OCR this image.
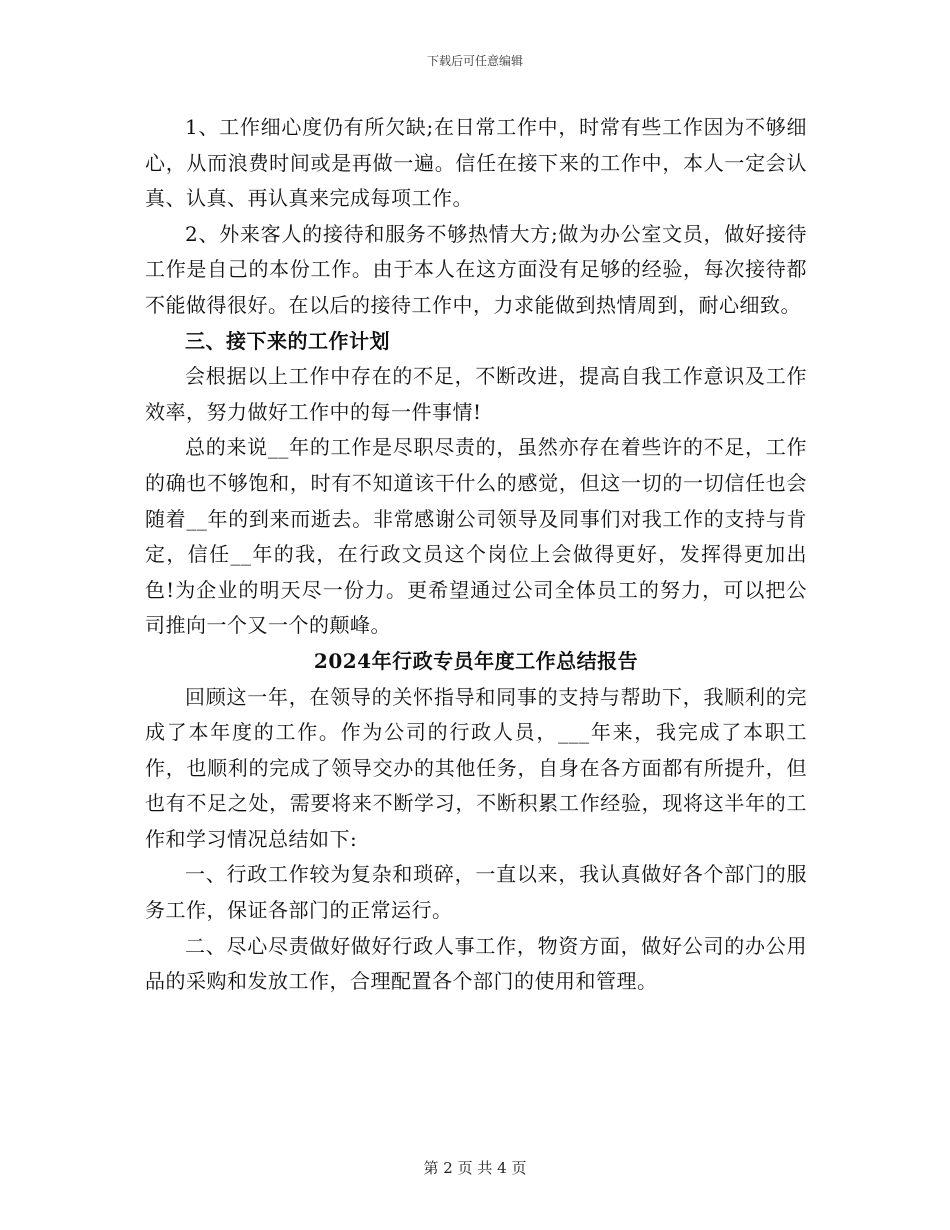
下载后可任意编辑

1、工作细心度仍有所欠缺;在日常工作中，时常有些工作因为不够细心，从而浪费时间或是再做一遍。信任在接下来的工作中，本人一定会认真、认真、再认真来完成每项工作。

2、外来客人的接待和服务不够热情大方;做为办公室文员，做好接待工作是自己的本份工作。由于本人在这方面没有足够的经验，每次接待都不能做得很好。在以后的接待工作中，力求能做到热情周到，耐心细致。

三、接下来的工作计划

会根据以上工作中存在的不足，不断改进，提高自我工作意识及工作效率，努力做好工作中的每一件事情!

总的来说__年的工作是尽职尽责的，虽然亦存在着些许的不足，工作的确也不够饱和，时有不知道该干什么的感觉，但这一切的一切信任也会随着__年的到来而逝去。非常感谢公司领导及同事们对我工作的支持与肯定，信任__年的我，在行政文员这个岗位上会做得更好，发挥得更加出色!为企业的明天尽一份力。更希望通过公司全体员工的努力，可以把公司推向一个又一个的颠峰。

2024年行政专员年度工作总结报告

回顾这一年，在领导的关怀指导和同事的支持与帮助下，我顺利的完成了本年度的工作。作为公司的行政人员，___年来，我完成了本职工作，也顺利的完成了领导交办的其他任务，自身在各方面都有所提升，但也有不足之处，需要将来不断学习，不断积累工作经验，现将这半年的工作和学习情况总结如下:

一、行政工作较为复杂和琐碎，一直以来，我认真做好各个部门的服务工作，保证各部门的正常运行。

二、尽心尽责做好做好行政人事工作，物资方面，做好公司的办公用品的采购和发放工作，合理配置各个部门的使用和管理。

第 2 页 共 4 页
